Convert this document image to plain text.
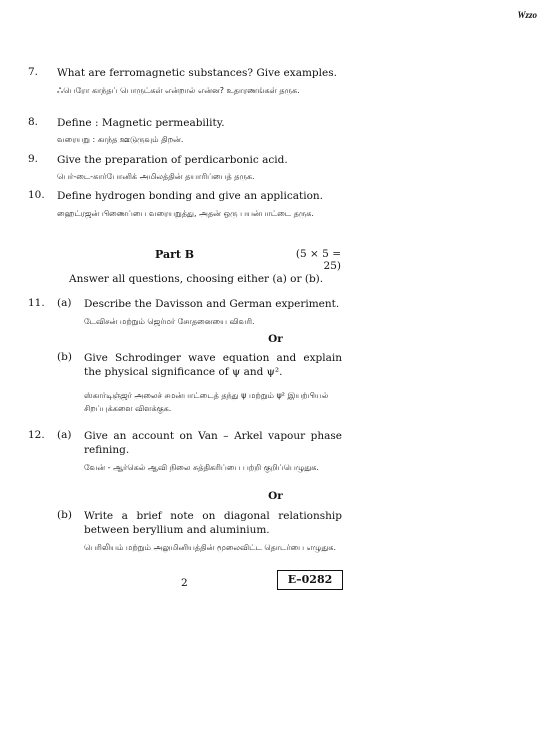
Wzzo
7. What are ferromagnetic substances? Give examples.
ஃபெரோ காந்தப் பொருட்கள் என்றால் என்ன? உதாரணங்கள் தருக.
8. Define : Magnetic permeability.
வரையறு : காந்த ஊடுருவும் திறன்.
9. Give the preparation of perdicarbonic acid.
பெர்-டை-கார்போனிக் அமிலத்தின் தயாரிப்பைத் தருக.
10. Define hydrogen bonding and give an application.
ஹைட்ரஜன் பிணைப்பை வரையறுத்து, அதன் ஒரு பயன்பாட்டை தருக.
Part B	(5 × 5 = 25)
Answer all questions, choosing either (a) or (b).
11. (a) Describe the Davisson and German experiment.
டேவிசன் மற்றும் ஜெர்மர் சோதனையை விவரி.
Or
(b) Give Schrodinger wave equation and explain the physical significance of ψ and ψ².
ஸ்கார்டிஞ்ஜர் அலைச் சமன்பாட்டைத் தந்து ψ மற்றும் ψ² இயற்பியல் சிறப்புக்களை விளக்குக.
12. (a) Give an account on Van – Arkel vapour phase refining.
வேன் - ஆர்கெல் ஆவி நிலை சுத்திகரிப்பை பற்றி குறிப்பெழுதுக.
Or
(b) Write a brief note on diagonal relationship between beryllium and aluminium.
பெரிலியம் மற்றும் அலுமினியத்தின் மூலைவிட்ட தொடர்பை எழுதுக.
2	E–0282
